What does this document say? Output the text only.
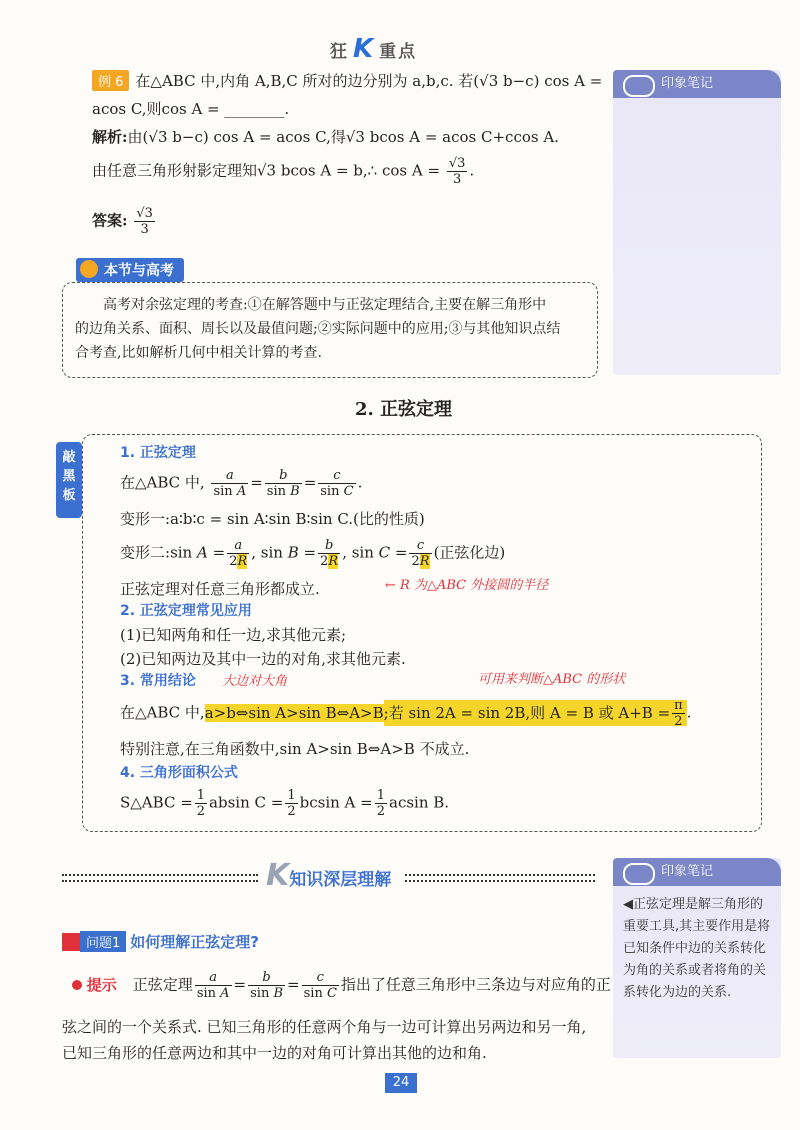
狂 K 重点
例 6 在△ABC 中,内角 A,B,C 所对的边分别为 a,b,c. 若(√3 b−c) cos A =
acos C,则cos A = ________.
解析:由(√3 b−c) cos A = acos C,得√3 bcos A = acos C+ccos A.
由任意三角形射影定理知√3 bcos A = b,∴ $\cos A = \frac{√3}{3}$ .
答案: $\frac{√3}{3}$
本节与高考
高考对余弦定理的考查:①在解答题中与正弦定理结合,主要在解三角形中
的边角关系、面积、周长以及最值问题;②实际问题中的应用;③与其他知识点结
合考查,比如解析几何中相关计算的考查.
印象笔记
2. 正弦定理
敲黑板
1. 正弦定理
在△ABC 中, $\frac{a}{\text{sin A}} = \frac{b}{\text{sin B}} = \frac{c}{\text{sin C}}$ .
变形一:a∶b∶c = sin A∶sin B∶sin C.(比的性质)
变形二:sin $A = \frac{a}{2R}$ , $\sin B = \frac{b}{2R}$ , $\sin C = \frac{c}{2R}$ (正弦化边)
正弦定理对任意三角形都成立.	← R 为△ABC 外接圆的半径
2. 正弦定理常见应用
(1)已知两角和任一边,求其他元素;
(2)已知两边及其中一边的对角,求其他元素.
3. 常用结论 大边对大角	可用来判断△ABC 的形状
在△ABC 中,a>b⇔sin A>sin B⇔A>B;若 sin 2A = sin 2B,则 A = B 或 $A+B = \frac{\pi}{2}$ .
特别注意,在三角函数中,sin A>sin B⇔A>B 不成立.
4. 三角形面积公式
S△ABC = $\frac{1}{2}$ absin $C = \frac{1}{2}$ bcsin $A = \frac{1}{2}$ acsin B.
K知识深层理解
问题1 如何理解正弦定理?
提示 正弦定理 $\frac{a}{\text{sin A}} = \frac{b}{\text{sin B}} = \frac{c}{\text{sin C}}$ 指出了任意三角形中三条边与对应角的正
弦之间的一个关系式. 已知三角形的任意两个角与一边可计算出另两边和另一角,
已知三角形的任意两边和其中一边的对角可计算出其他的边和角.
印象笔记
◀正弦定理是解三角形的重要工具,其主要作用是将已知条件中边的关系转化为角的关系或者将角的关系转化为边的关系.
24
